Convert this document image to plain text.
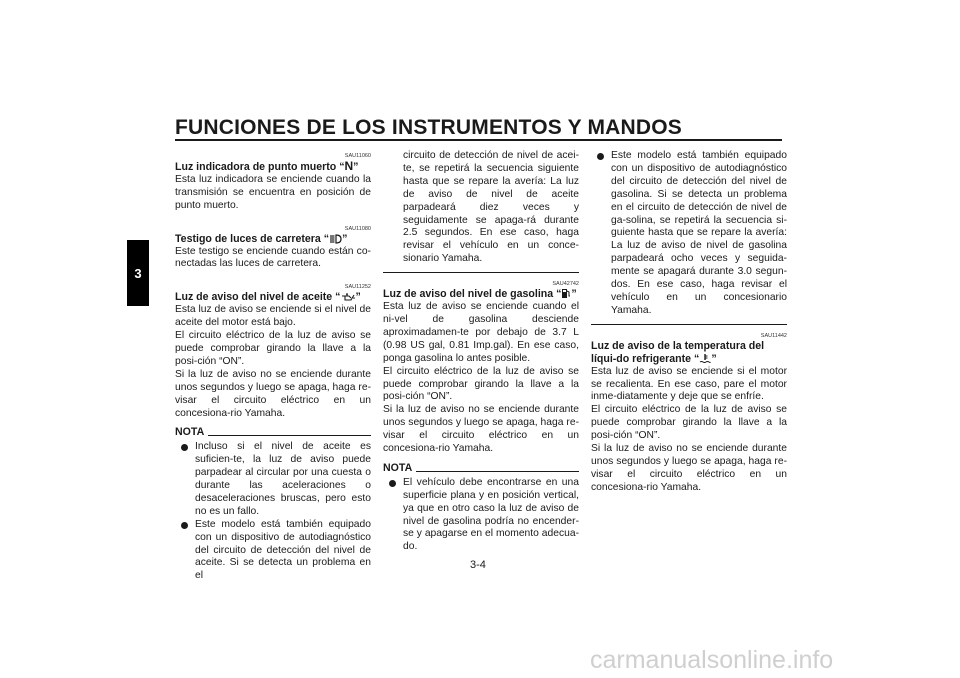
FUNCIONES DE LOS INSTRUMENTOS Y MANDOS
3
SAU11060
Luz indicadora de punto muerto “N”

Esta luz indicadora se enciende cuando la transmisión se encuentra en posición de punto muerto.

SAU11080
Testigo de luces de carretera “ ”

Este testigo se enciende cuando están co-nectadas las luces de carretera.

SAU11252
Luz de aviso del nivel de aceite “ ”

Esta luz de aviso se enciende si el nivel de aceite del motor está bajo.

El circuito eléctrico de la luz de aviso se puede comprobar girando la llave a la posi-ción “ON”.

Si la luz de aviso no se enciende durante unos segundos y luego se apaga, haga re-visar el circuito eléctrico en un concesiona-rio Yamaha.

NOTA
Incluso si el nivel de aceite es suficien-te, la luz de aviso puede parpadear al circular por una cuesta o durante las aceleraciones o desaceleraciones bruscas, pero esto no es un fallo.
Este modelo está también equipado con un dispositivo de autodiagnóstico del circuito de detección del nivel de aceite. Si se detecta un problema en el
circuito de detección de nivel de acei-te, se repetirá la secuencia siguiente hasta que se repare la avería: La luz de aviso de nivel de aceite parpadeará diez veces y seguidamente se apaga-rá durante 2.5 segundos. En ese caso, haga revisar el vehículo en un conce-sionario Yamaha.
SAU42742
Luz de aviso del nivel de gasolina “ ”

Esta luz de aviso se enciende cuando el ni-vel de gasolina desciende aproximadamen-te por debajo de 3.7 L (0.98 US gal, 0.81 Imp.gal). En ese caso, ponga gasolina lo antes posible.

El circuito eléctrico de la luz de aviso se puede comprobar girando la llave a la posi-ción “ON”.

Si la luz de aviso no se enciende durante unos segundos y luego se apaga, haga re-visar el circuito eléctrico en un concesiona-rio Yamaha.

NOTA
El vehículo debe encontrarse en una superficie plana y en posición vertical, ya que en otro caso la luz de aviso de nivel de gasolina podría no encender-se y apagarse en el momento adecua-do.
Este modelo está también equipado con un dispositivo de autodiagnóstico del circuito de detección del nivel de gasolina. Si se detecta un problema en el circuito de detección de nivel de ga-solina, se repetirá la secuencia si-guiente hasta que se repare la avería: La luz de aviso de nivel de gasolina parpadeará ocho veces y seguida-mente se apagará durante 3.0 segun-dos. En ese caso, haga revisar el vehículo en un concesionario Yamaha.
SAU11442
Luz de aviso de la temperatura del líqui-do refrigerante “ ”

Esta luz de aviso se enciende si el motor se recalienta. En ese caso, pare el motor inme-diatamente y deje que se enfríe.

El circuito eléctrico de la luz de aviso se puede comprobar girando la llave a la posi-ción “ON”.

Si la luz de aviso no se enciende durante unos segundos y luego se apaga, haga re-visar el circuito eléctrico en un concesiona-rio Yamaha.

3-4
carmanualsonline.info
